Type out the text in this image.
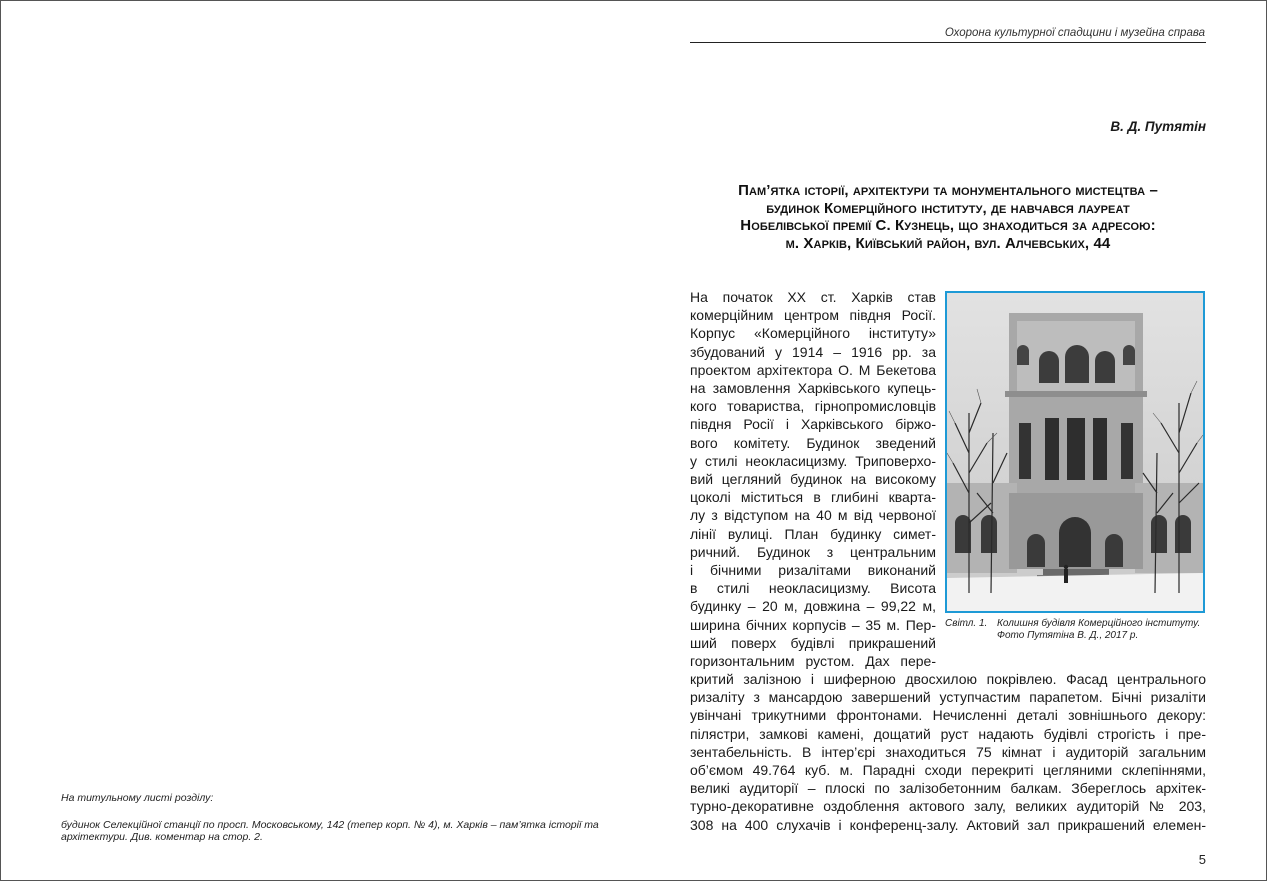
На титульному листі розділу:
будинок Селекційної станції по просп. Московському, 142 (тепер корп. № 4), м. Харків – пам’ятка історії та архітектури. Див. коментар на стор. 2.
Охорона культурної спадщини і музейна справа
В. Д. Путятін
Пам’ятка історії, архітектури та монументального мистецтва –
будинок Комерційного інституту, де навчався лауреат
Нобелівської премії С. Кузнець, що знаходиться за адресою:
м. Харків, Київський район, вул. Алчевських, 44
Світл. 1. Колишня будівля Комерційного інституту. Фото Путятіна В. Д., 2017 р.
На початок XX ст. Харків став
комерційним центром півдня Росії.
Корпус «Комерційного інституту»
збудований у 1914 – 1916 рр. за
проектом архітектора О. М Бекетова
на замовлення Харківського купець-
кого товариства, гірнопромисловців
півдня Росії і Харківського біржо-
вого комітету. Будинок зведений
у стилі неокласицизму. Триповерхо-
вий цегляний будинок на високому
цоколі міститься в глибині кварта-
лу з відступом на 40 м від червоної
лінії вулиці. План будинку симет-
ричний. Будинок з центральним
і бічними ризалітами виконаний
в стилі неокласицизму. Висота
будинку – 20 м, довжина – 99,22 м,
ширина бічних корпусів – 35 м. Пер-
ший поверх будівлі прикрашений
горизонтальним рустом. Дах пере-
критий залізною і шиферною двосхилою покрівлею. Фасад центрального
ризаліту з мансардою завершений уступчастим парапетом. Бічні ризаліти
увінчані трикутними фронтонами. Нечисленні деталі зовнішнього декору:
пілястри, замкові камені, дощатий руст надають будівлі строгість і пре-
зентабельність. В інтер’єрі знаходиться 75 кімнат і аудиторій загальним
об’ємом 49.764 куб. м. Парадні сходи перекриті цегляними склепіннями,
великі аудиторії – плоскі по залізобетонним балкам. Збереглось архітек-
турно-декоративне оздоблення актового залу, великих аудиторій № 203,
308 на 400 слухачів і конференц-залу. Актовий зал прикрашений елемен-
5
